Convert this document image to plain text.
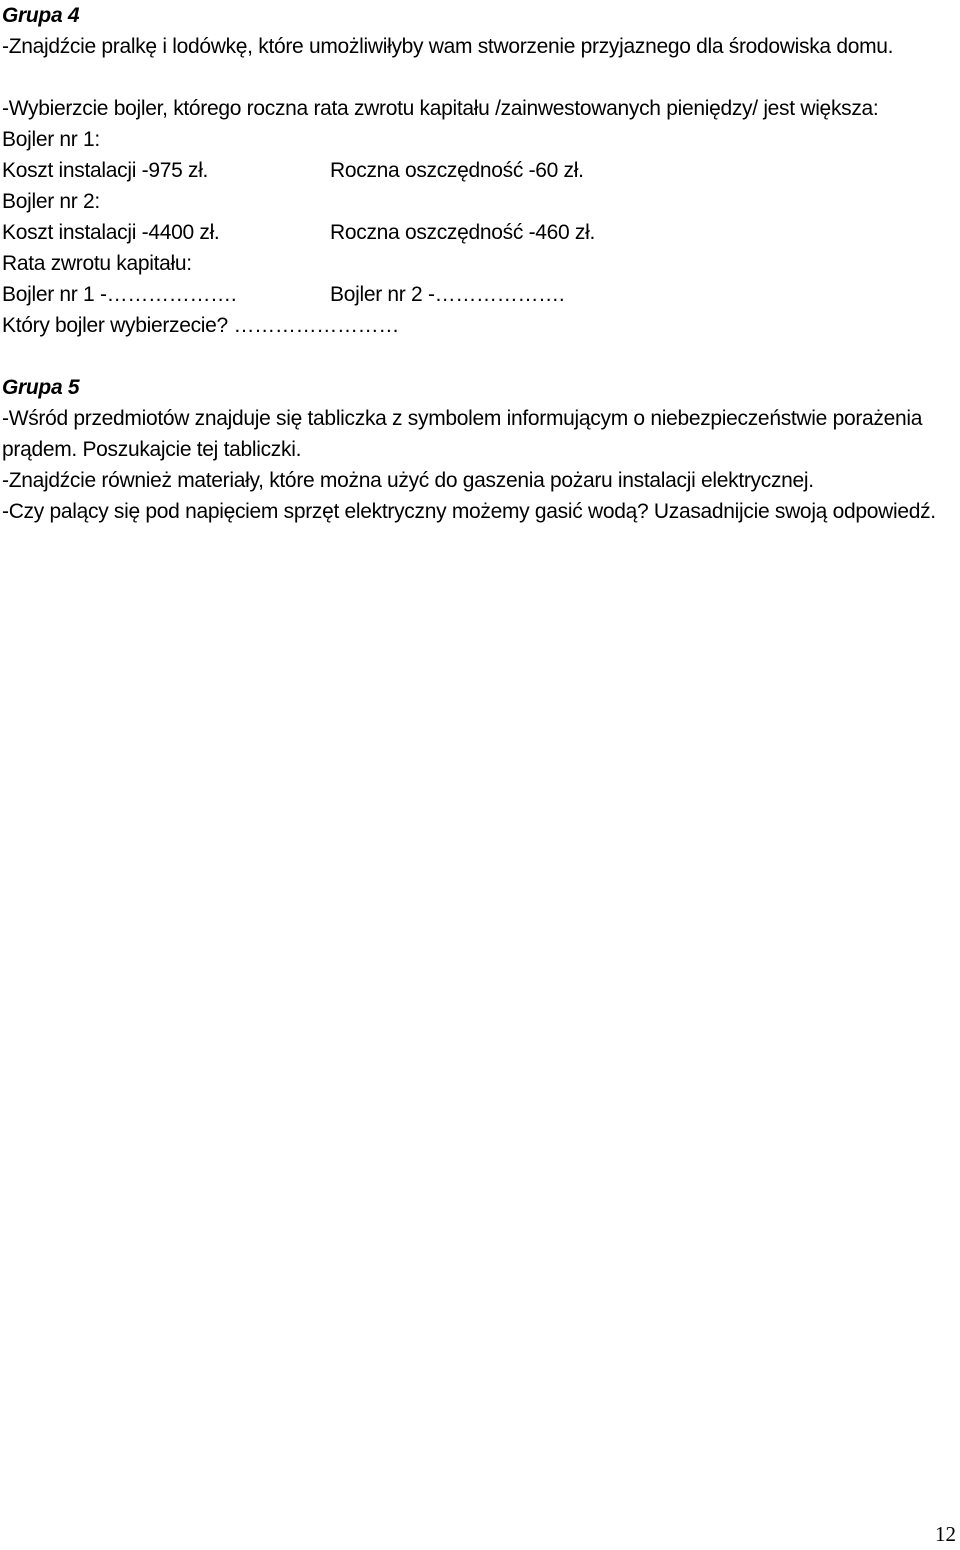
Grupa 4
-Znajdźcie pralkę i lodówkę, które umożliwiłyby wam stworzenie przyjaznego dla środowiska domu.
-Wybierzcie bojler, którego roczna rata zwrotu kapitału /zainwestowanych pieniędzy/ jest większa:
Bojler nr 1:
Koszt instalacji -975 zł.	Roczna oszczędność -60 zł.
Bojler nr 2:
Koszt instalacji -4400 zł.	Roczna oszczędność -460 zł.
Rata zwrotu kapitału:
Bojler nr 1 -……………….	Bojler nr 2 -……………….
Który bojler wybierzecie? ……………………
Grupa 5
-Wśród przedmiotów znajduje się tabliczka z symbolem informującym o niebezpieczeństwie porażenia prądem. Poszukajcie tej tabliczki.
-Znajdźcie również materiały, które można użyć do gaszenia pożaru instalacji elektrycznej.
-Czy palący się pod napięciem sprzęt elektryczny możemy gasić wodą? Uzasadnijcie swoją odpowiedź.
12
